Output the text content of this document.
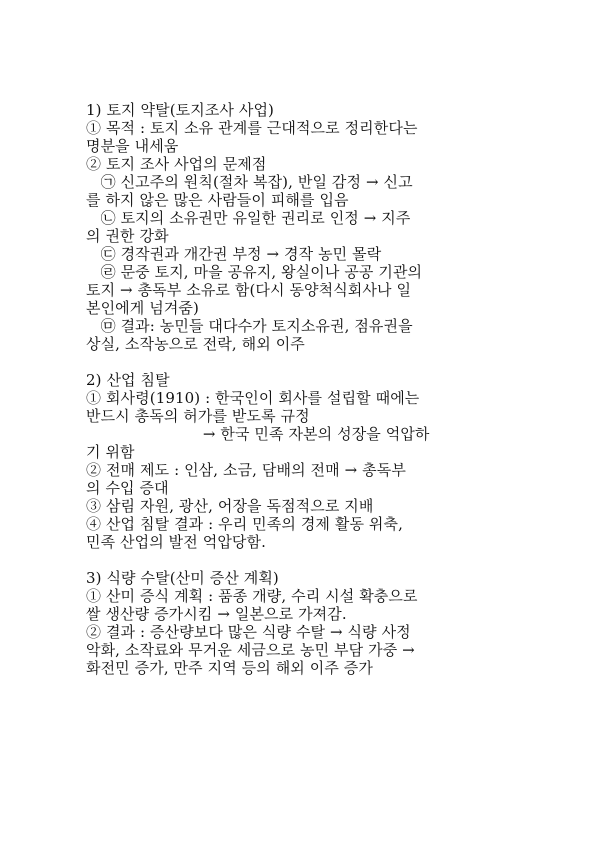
1) 토지 약탈(토지조사 사업)
① 목적 : 토지 소유 관계를 근대적으로 정리한다는
명분을 내세움
② 토지 조사 사업의 문제점
㉠ 신고주의 원칙(절차 복잡), 반일 감정 → 신고
를 하지 않은 많은 사람들이 피해를 입음
㉡ 토지의 소유권만 유일한 권리로 인정 → 지주
의 권한 강화
㉢ 경작권과 개간권 부정 → 경작 농민 몰락
㉣ 문중 토지, 마을 공유지, 왕실이나 공공 기관의
토지 → 총독부 소유로 함(다시 동양척식회사나 일
본인에게 넘겨줌)
㉤ 결과: 농민들 대다수가 토지소유권, 점유권을
상실, 소작농으로 전락, 해외 이주
2) 산업 침탈
① 회사령(1910) : 한국인이 회사를 설립할 때에는
반드시 총독의 허가를 받도록 규정
→ 한국 민족 자본의 성장을 억압하
기 위함
② 전매 제도 : 인삼, 소금, 담배의 전매 → 총독부
의 수입 증대
③ 삼림 자원, 광산, 어장을 독점적으로 지배
④ 산업 침탈 결과 : 우리 민족의 경제 활동 위축,
민족 산업의 발전 억압당함.
3) 식량 수탈(산미 증산 계획)
① 산미 증식 계획 : 품종 개량, 수리 시설 확충으로
쌀 생산량 증가시킴 → 일본으로 가져감.
② 결과 : 증산량보다 많은 식량 수탈 → 식량 사정
악화, 소작료와 무거운 세금으로 농민 부담 가중 →
화전민 증가, 만주 지역 등의 해외 이주 증가
